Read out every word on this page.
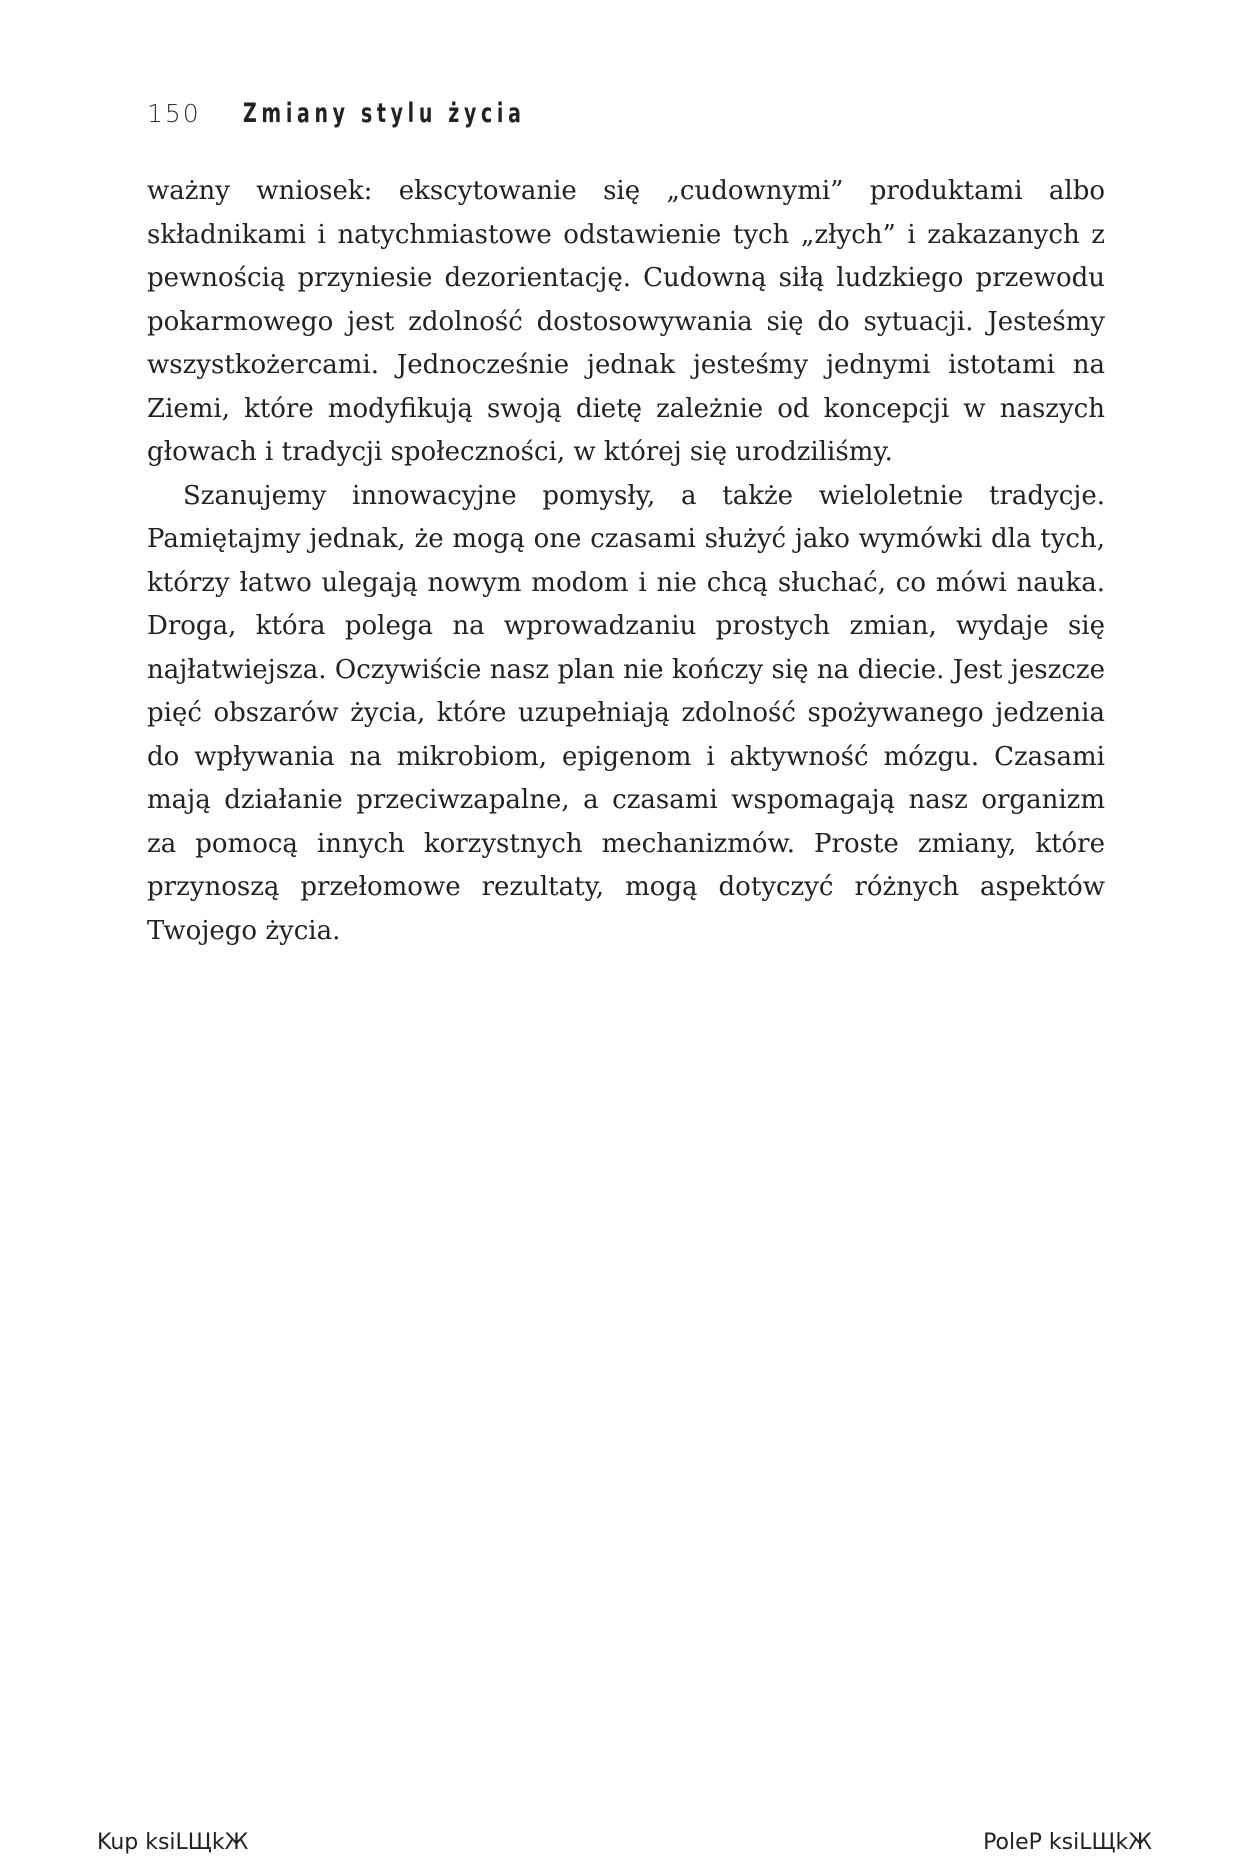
150 Zmiany stylu życia

ważny wniosek: ekscytowanie się „cudownymi” produktami albo składnikami i natychmiastowe odstawienie tych „złych” i zakazanych z pewnością przyniesie dezorientację. Cudowną siłą ludzkiego przewodu pokarmowego jest zdolność dostosowywania się do sytuacji. Jesteśmy wszystkożercami. Jednocześnie jednak jesteśmy jednymi istotami na Ziemi, które modyfikują swoją dietę zależnie od koncepcji w naszych głowach i tradycji społeczności, w której się urodziliśmy.

Szanujemy innowacyjne pomysły, a także wieloletnie tradycje. Pamiętajmy jednak, że mogą one czasami służyć jako wymówki dla tych, którzy łatwo ulegają nowym modom i nie chcą słuchać, co mówi nauka. Droga, która polega na wprowadzaniu prostych zmian, wydaje się najłatwiejsza. Oczywiście nasz plan nie kończy się na diecie. Jest jeszcze pięć obszarów życia, które uzupełniają zdolność spożywanego jedzenia do wpływania na mikrobiom, epigenom i aktywność mózgu. Czasami mają działanie przeciwzapalne, a czasami wspomagają nasz organizm za pomocą innych korzystnych mechanizmów. Proste zmiany, które przynoszą przełomowe rezultaty, mogą dotyczyć różnych aspektów Twojego życia.

Kup ksiLЩkЖ	PoleР ksiLЩkЖ
